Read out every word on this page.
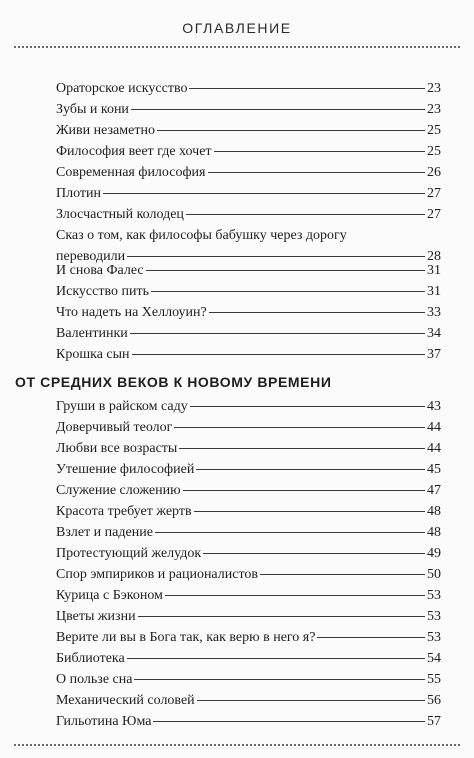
ОГЛАВЛЕНИЕ
Ораторское искусство	23
Зубы и кони	23
Живи незаметно	25
Философия веет где хочет	25
Современная философия	26
Плотин	27
Злосчастный колодец	27
Сказ о том, как философы бабушку через дорогу
переводили	28
И снова Фалес	31
Искусство пить	31
Что надеть на Хеллоуин?	33
Валентинки	34
Крошка сын	37
ОТ СРЕДНИХ ВЕКОВ К НОВОМУ ВРЕМЕНИ
Груши в райском саду	43
Доверчивый теолог	44
Любви все возрасты	44
Утешение философией	45
Служение сложению	47
Красота требует жертв	48
Взлет и падение	48
Протестующий желудок	49
Спор эмпириков и рационалистов	50
Курица с Бэконом	53
Цветы жизни	53
Верите ли вы в Бога так, как верю в него я?	53
Библиотека	54
О пользе сна	55
Механический соловей	56
Гильотина Юма	57
